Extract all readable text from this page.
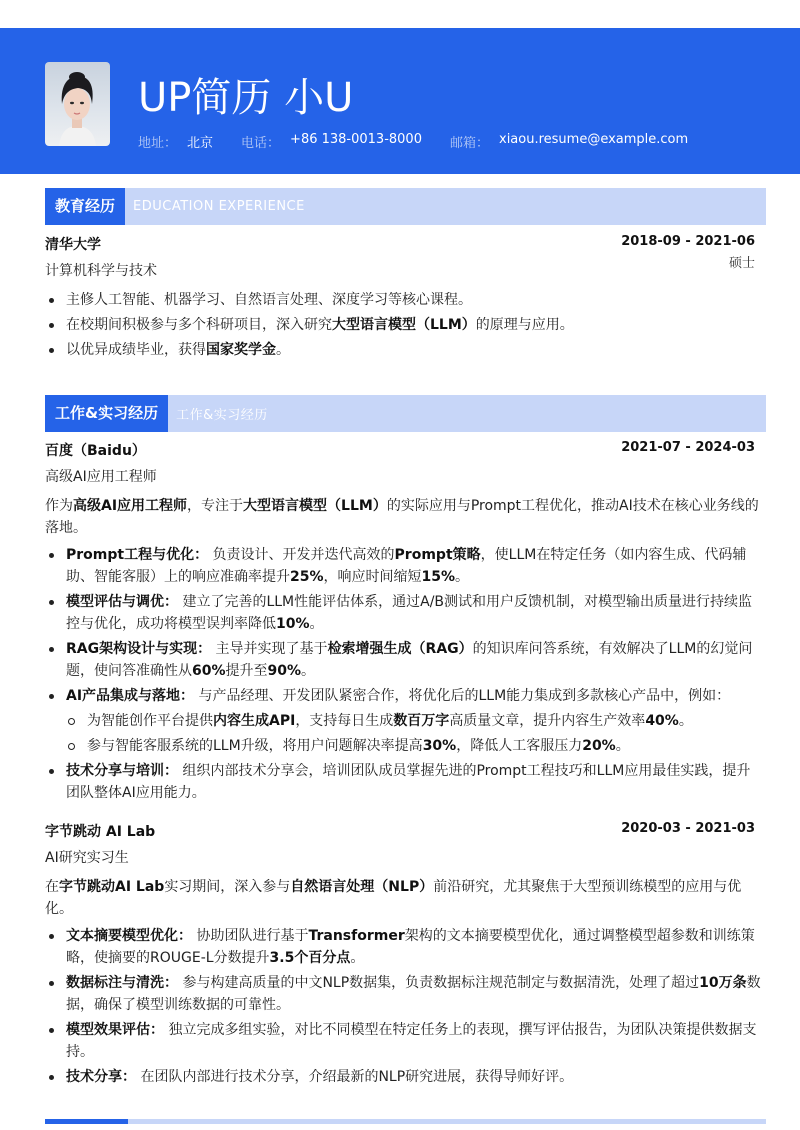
UP简历 小U
地址： 北京 电话： +86 138-0013-8000 邮箱： xiaou.resume@example.com
教育经历	EDUCATION EXPERIENCE
清华大学	2018-09 - 2021-06
计算机科学与技术	硕士
主修人工智能、机器学习、自然语言处理、深度学习等核心课程。
在校期间积极参与多个科研项目，深入研究大型语言模型（LLM）的原理与应用。
以优异成绩毕业，获得国家奖学金。
工作&实习经历	工作&实习经历
百度（Baidu）	2021-07 - 2024-03
高级AI应用工程师
作为高级AI应用工程师，专注于大型语言模型（LLM）的实际应用与Prompt工程优化，推动AI技术在核心业务线的落地。
Prompt工程与优化： 负责设计、开发并迭代高效的Prompt策略，使LLM在特定任务（如内容生成、代码辅助、智能客服）上的响应准确率提升25%，响应时间缩短15%。
模型评估与调优： 建立了完善的LLM性能评估体系，通过A/B测试和用户反馈机制，对模型输出质量进行持续监控与优化，成功将模型误判率降低10%。
RAG架构设计与实现： 主导并实现了基于检索增强生成（RAG）的知识库问答系统，有效解决了LLM的幻觉问题，使问答准确性从60%提升至90%。
AI产品集成与落地： 与产品经理、开发团队紧密合作，将优化后的LLM能力集成到多款核心产品中，例如：
为智能创作平台提供内容生成API，支持每日生成数百万字高质量文章，提升内容生产效率40%。
参与智能客服系统的LLM升级，将用户问题解决率提高30%，降低人工客服压力20%。
技术分享与培训： 组织内部技术分享会，培训团队成员掌握先进的Prompt工程技巧和LLM应用最佳实践，提升团队整体AI应用能力。
字节跳动 AI Lab	2020-03 - 2021-03
AI研究实习生
在字节跳动AI Lab实习期间，深入参与自然语言处理（NLP）前沿研究，尤其聚焦于大型预训练模型的应用与优化。
文本摘要模型优化： 协助团队进行基于Transformer架构的文本摘要模型优化，通过调整模型超参数和训练策略，使摘要的ROUGE-L分数提升3.5个百分点。
数据标注与清洗： 参与构建高质量的中文NLP数据集，负责数据标注规范制定与数据清洗，处理了超过10万条数据，确保了模型训练数据的可靠性。
模型效果评估： 独立完成多组实验，对比不同模型在特定任务上的表现，撰写评估报告，为团队决策提供数据支持。
技术分享： 在团队内部进行技术分享，介绍最新的NLP研究进展，获得导师好评。
